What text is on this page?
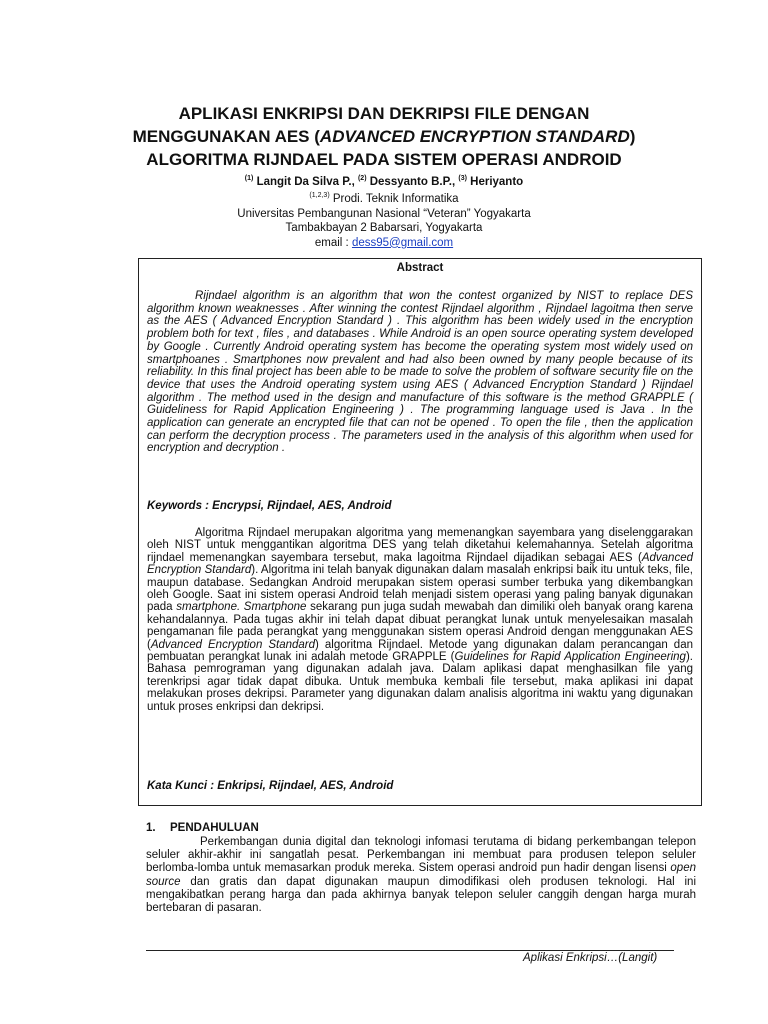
APLIKASI ENKRIPSI DAN DEKRIPSI FILE DENGAN
MENGGUNAKAN AES (ADVANCED ENCRYPTION STANDARD)
ALGORITMA RIJNDAEL PADA SISTEM OPERASI ANDROID
$^{(1)}$ Langit Da Silva P., $^{(2)}$ Dessyanto B.P., $^{(3)}$ Heriyanto
$^{(1,2,3)}$ Prodi. Teknik Informatika
Universitas Pembangunan Nasional “Veteran” Yogyakarta
Tambakbayan 2 Babarsari, Yogyakarta
email : dess95@gmail.com
Abstract

Rijndael algorithm is an algorithm that won the contest organized by NIST to replace DES algorithm known weaknesses . After winning the contest Rijndael algorithm , Rijndael lagoitma then serve as the AES ( Advanced Encryption Standard ) . This algorithm has been widely used in the encryption problem both for text , files , and databases . While Android is an open source operating system developed by Google . Currently Android operating system has become the operating system most widely used on smartphoanes . Smartphones now prevalent and had also been owned by many people because of its reliability. In this final project has been able to be made to solve the problem of software security file on the device that uses the Android operating system using AES ( Advanced Encryption Standard ) Rijndael algorithm . The method used in the design and manufacture of this software is the method GRAPPLE ( Guideliness for Rapid Application Engineering ) . The programming language used is Java . In the application can generate an encrypted file that can not be opened . To open the file , then the application can perform the decryption process . The parameters used in the analysis of this algorithm when used for encryption and decryption .

Keywords : Encrypsi, Rijndael, AES, Android

Algoritma Rijndael merupakan algoritma yang memenangkan sayembara yang diselenggarakan oleh NIST untuk menggantikan algoritma DES yang telah diketahui kelemahannya. Setelah algoritma rijndael memenangkan sayembara tersebut, maka lagoitma Rijndael dijadikan sebagai AES (Advanced Encryption Standard). Algoritma ini telah banyak digunakan dalam masalah enkripsi baik itu untuk teks, file, maupun database. Sedangkan Android merupakan sistem operasi sumber terbuka yang dikembangkan oleh Google. Saat ini sistem operasi Android telah menjadi sistem operasi yang paling banyak digunakan pada smartphone. Smartphone sekarang pun juga sudah mewabah dan dimiliki oleh banyak orang karena kehandalannya. Pada tugas akhir ini telah dapat dibuat perangkat lunak untuk menyelesaikan masalah pengamanan file pada perangkat yang menggunakan sistem operasi Android dengan menggunakan AES (Advanced Encryption Standard) algoritma Rijndael. Metode yang digunakan dalam perancangan dan pembuatan perangkat lunak ini adalah metode GRAPPLE (Guidelines for Rapid Application Engineering). Bahasa pemrograman yang digunakan adalah java. Dalam aplikasi dapat menghasilkan file yang terenkripsi agar tidak dapat dibuka. Untuk membuka kembali file tersebut, maka aplikasi ini dapat melakukan proses dekripsi. Parameter yang digunakan dalam analisis algoritma ini waktu yang digunakan untuk proses enkripsi dan dekripsi.

Kata Kunci : Enkripsi, Rijndael, AES, Android
1. PENDAHULUAN

Perkembangan dunia digital dan teknologi infomasi terutama di bidang perkembangan telepon seluler akhir-akhir ini sangatlah pesat. Perkembangan ini membuat para produsen telepon seluler berlomba-lomba untuk memasarkan produk mereka. Sistem operasi android pun hadir dengan lisensi open source dan gratis dan dapat digunakan maupun dimodifikasi oleh produsen teknologi. Hal ini mengakibatkan perang harga dan pada akhirnya banyak telepon seluler canggih dengan harga murah bertebaran di pasaran.

Aplikasi Enkripsi…(Langit)
